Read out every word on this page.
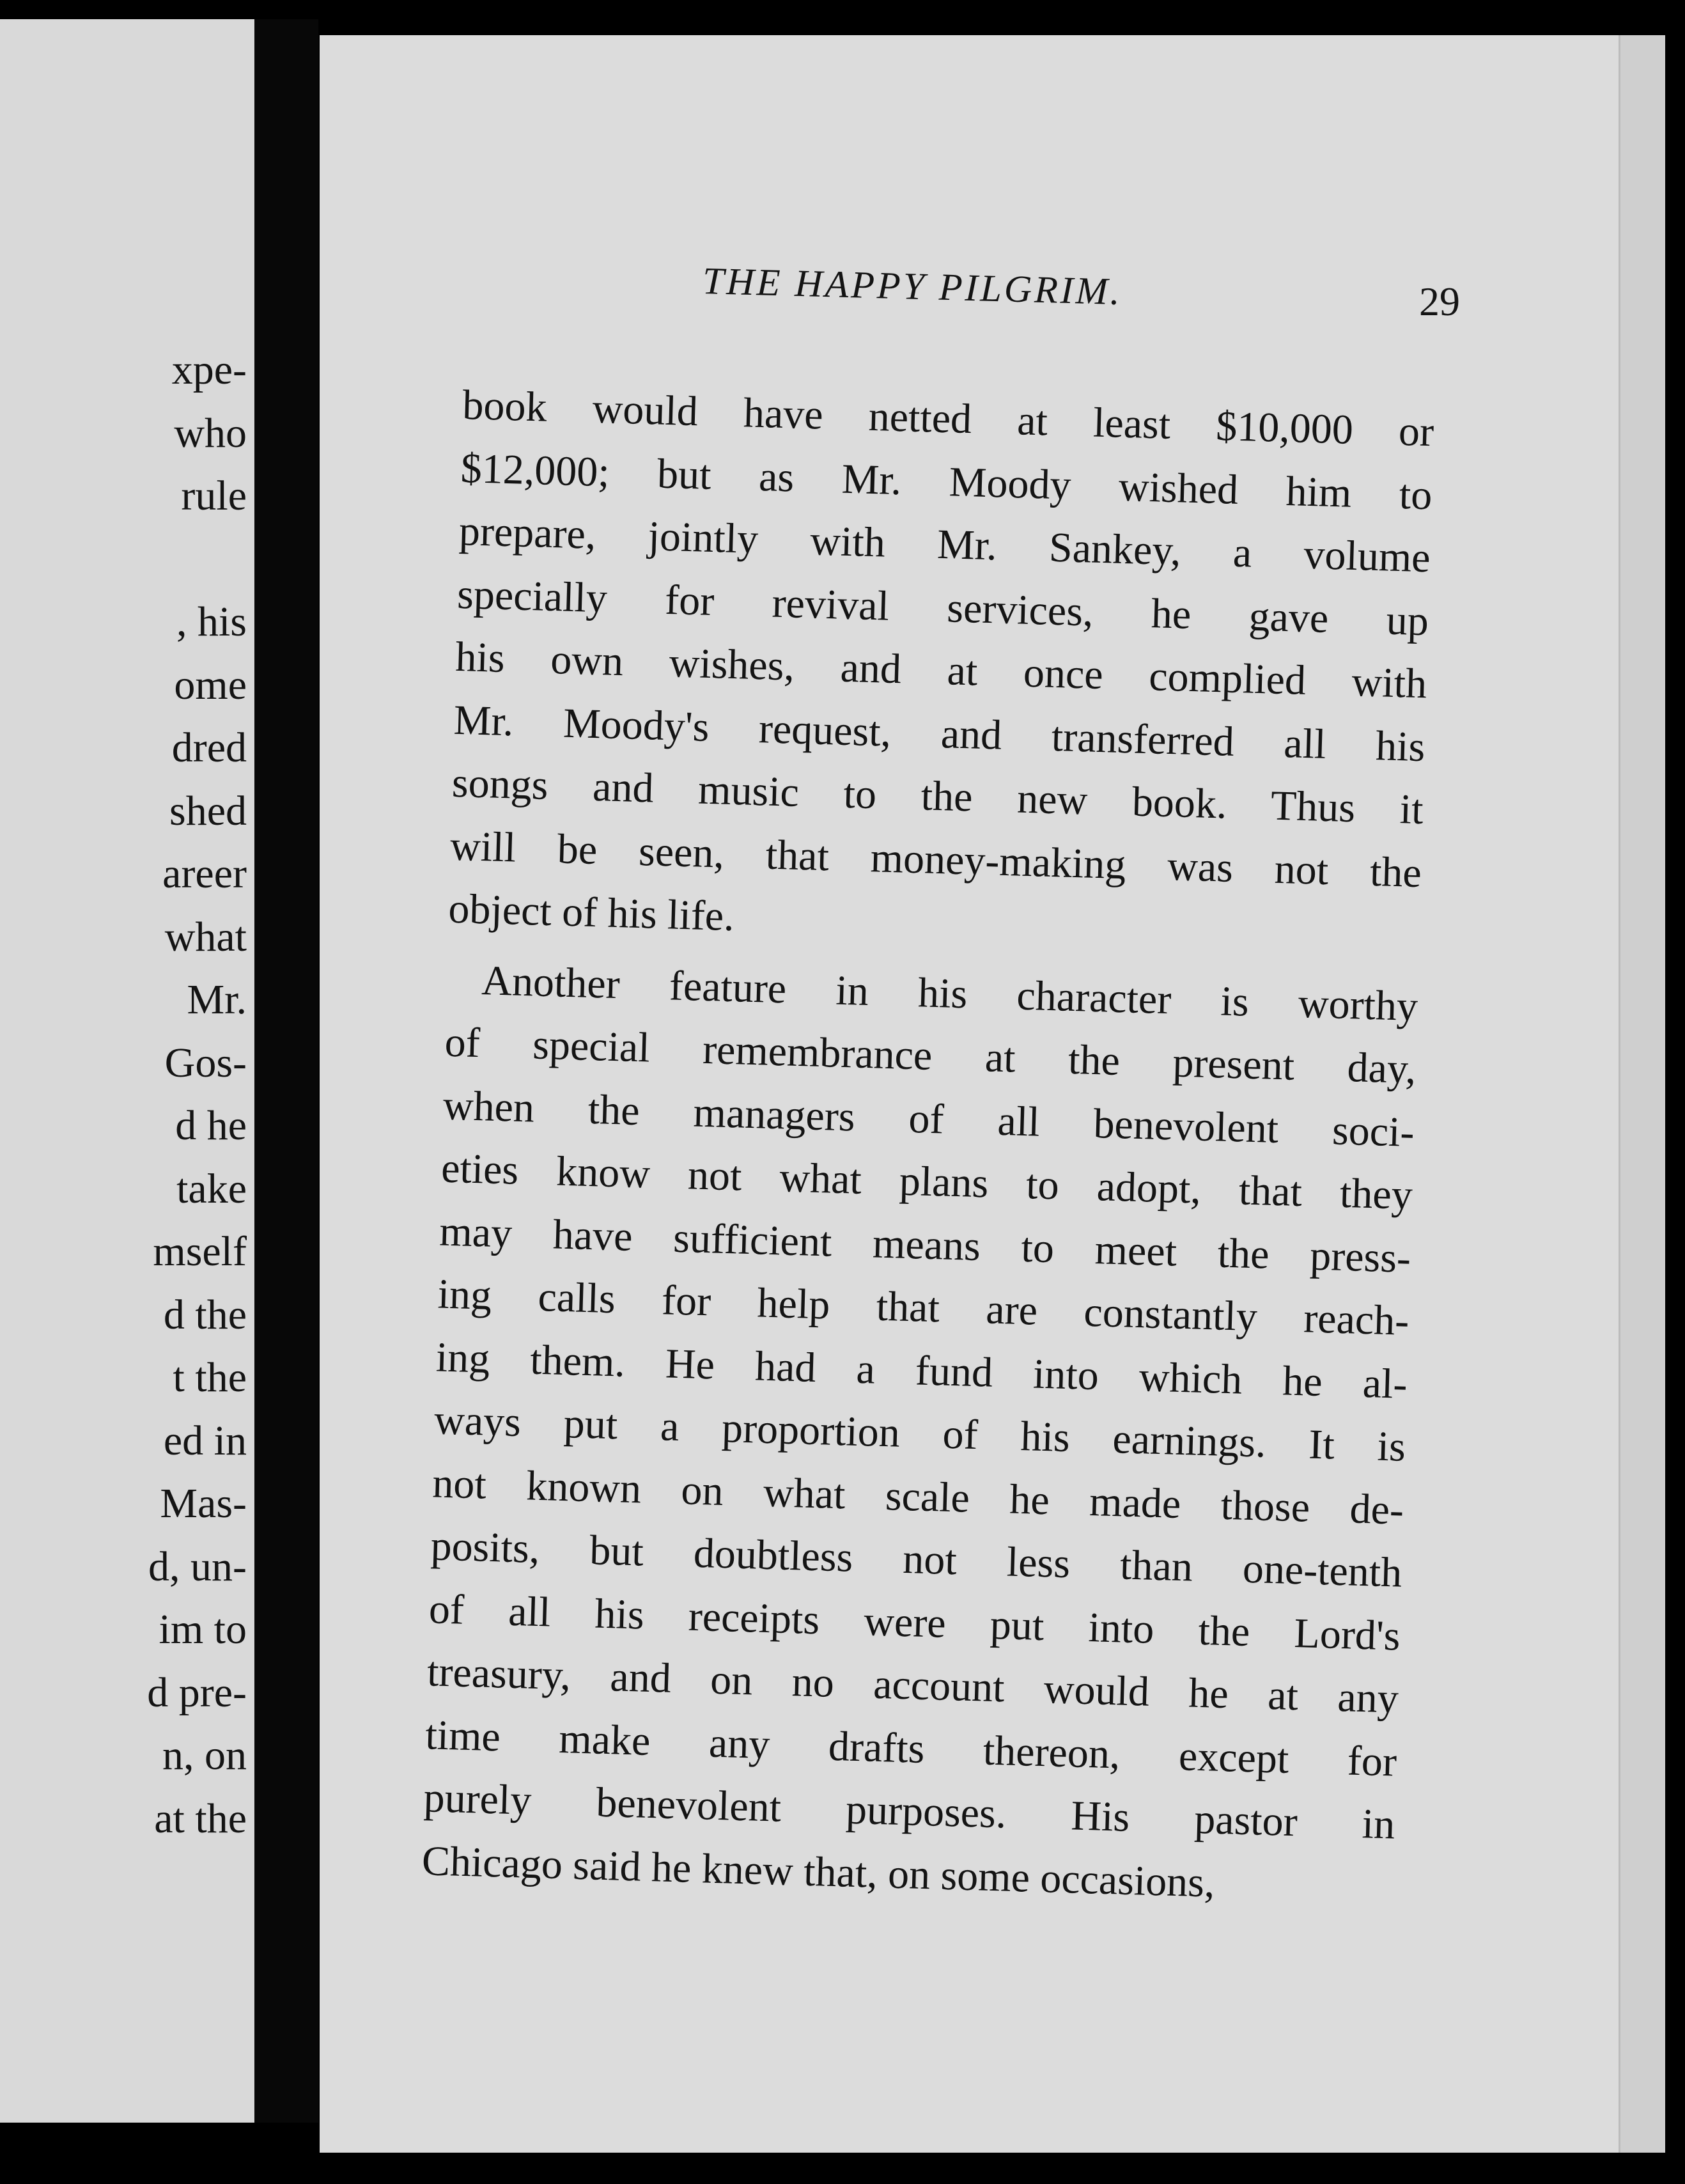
xpe-
who
rule

, his
ome
dred
shed
areer
what
Mr.
Gos-
d he
take
mself
d the
t the
ed in
Mas-
d, un-
im to
d pre-
n, on
at the
THE HAPPY PILGRIM.	29
book would have netted at least $10,000 or
$12,000; but as Mr. Moody wished him to
prepare, jointly with Mr. Sankey, a volume
specially for revival services, he gave up
his own wishes, and at once complied with
Mr. Moody's request, and transferred all his
songs and music to the new book. Thus it
will be seen, that money-making was not the
object of his life.
Another feature in his character is worthy
of special remembrance at the present day,
when the managers of all benevolent soci-
eties know not what plans to adopt, that they
may have sufficient means to meet the press-
ing calls for help that are constantly reach-
ing them. He had a fund into which he al-
ways put a proportion of his earnings. It is
not known on what scale he made those de-
posits, but doubtless not less than one-tenth
of all his receipts were put into the Lord's
treasury, and on no account would he at any
time make any drafts thereon, except for
purely benevolent purposes. His pastor in
Chicago said he knew that, on some occasions,
